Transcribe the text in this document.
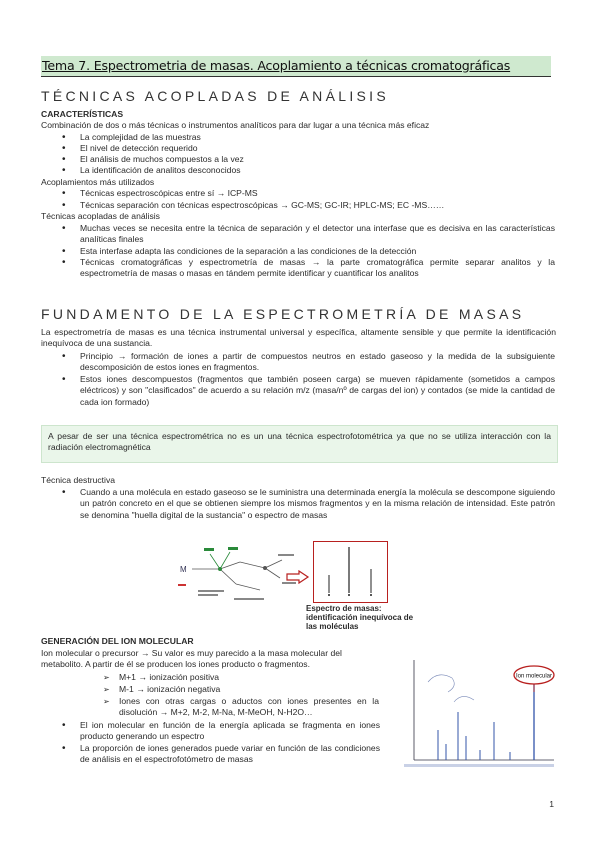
Tema 7. Espectrometria de masas. Acoplamiento a técnicas cromatográficas
TÉCNICAS ACOPLADAS DE ANÁLISIS
CARACTERÍSTICAS
Combinación de dos o más técnicas o instrumentos analíticos para dar lugar a una técnica más eficaz
• La complejidad de las muestras
• El nivel de detección requerido
• El análisis de muchos compuestos a la vez
• La identificación de analitos desconocidos
Acoplamientos más utilizados
• Técnicas espectroscópicas entre sí → ICP-MS
• Técnicas separación con técnicas espectroscópicas → GC-MS; GC-IR; HPLC-MS; EC -MS……
Técnicas acopladas de análisis
• Muchas veces se necesita entre la técnica de separación y el detector una interfase que es decisiva en las características analíticas finales
• Esta interfase adapta las condiciones de la separación a las condiciones de la detección
• Técnicas cromatográficas y espectrometría de masas → la parte cromatográfica permite separar analitos y la espectrometría de masas o masas en tándem permite identificar y cuantificar los analitos
FUNDAMENTO DE LA ESPECTROMETRÍA DE MASAS
La espectrometría de masas es una técnica instrumental universal y específica, altamente sensible y que permite la identificación inequívoca de una sustancia.
• Principio → formación de iones a partir de compuestos neutros en estado gaseoso y la medida de la subsiguiente descomposición de estos iones en fragmentos.
• Estos iones descompuestos (fragmentos que también poseen carga) se mueven rápidamente (sometidos a campos eléctricos) y son "clasificados" de acuerdo a su relación m/z (masa/nº de cargas del ion) y contados (se mide la cantidad de cada ion formado)
A pesar de ser una técnica espectrométrica no es un una técnica espectrofotométrica ya que no se utiliza interacción con la radiación electromagnética
Técnica destructiva
• Cuando a una molécula en estado gaseoso se le suministra una determinada energía la molécula se descompone siguiendo un patrón concreto en el que se obtienen siempre los mismos fragmentos y en la misma relación de intensidad. Este patrón se denomina "huella digital de la sustancia" o espectro de masas
M
Espectro de masas: identificación inequívoca de las moléculas
GENERACIÓN DEL ION MOLECULAR
Ion molecular o precursor → Su valor es muy parecido a la masa molecular del metabolito. A partir de él se producen los iones producto o fragmentos.
➢ M+1 → ionización positiva
➢ M-1 → ionización negativa
➢ Iones con otras cargas o aductos con iones presentes en la disolución → M+2, M-2, M-Na, M-MeOH, N-H2O…
• El ion molecular en función de la energía aplicada se fragmenta en iones producto generando un espectro
• La proporción de iones generados puede variar en función de las condiciones de análisis en el espectrofotómetro de masas
Ion molecular
1
